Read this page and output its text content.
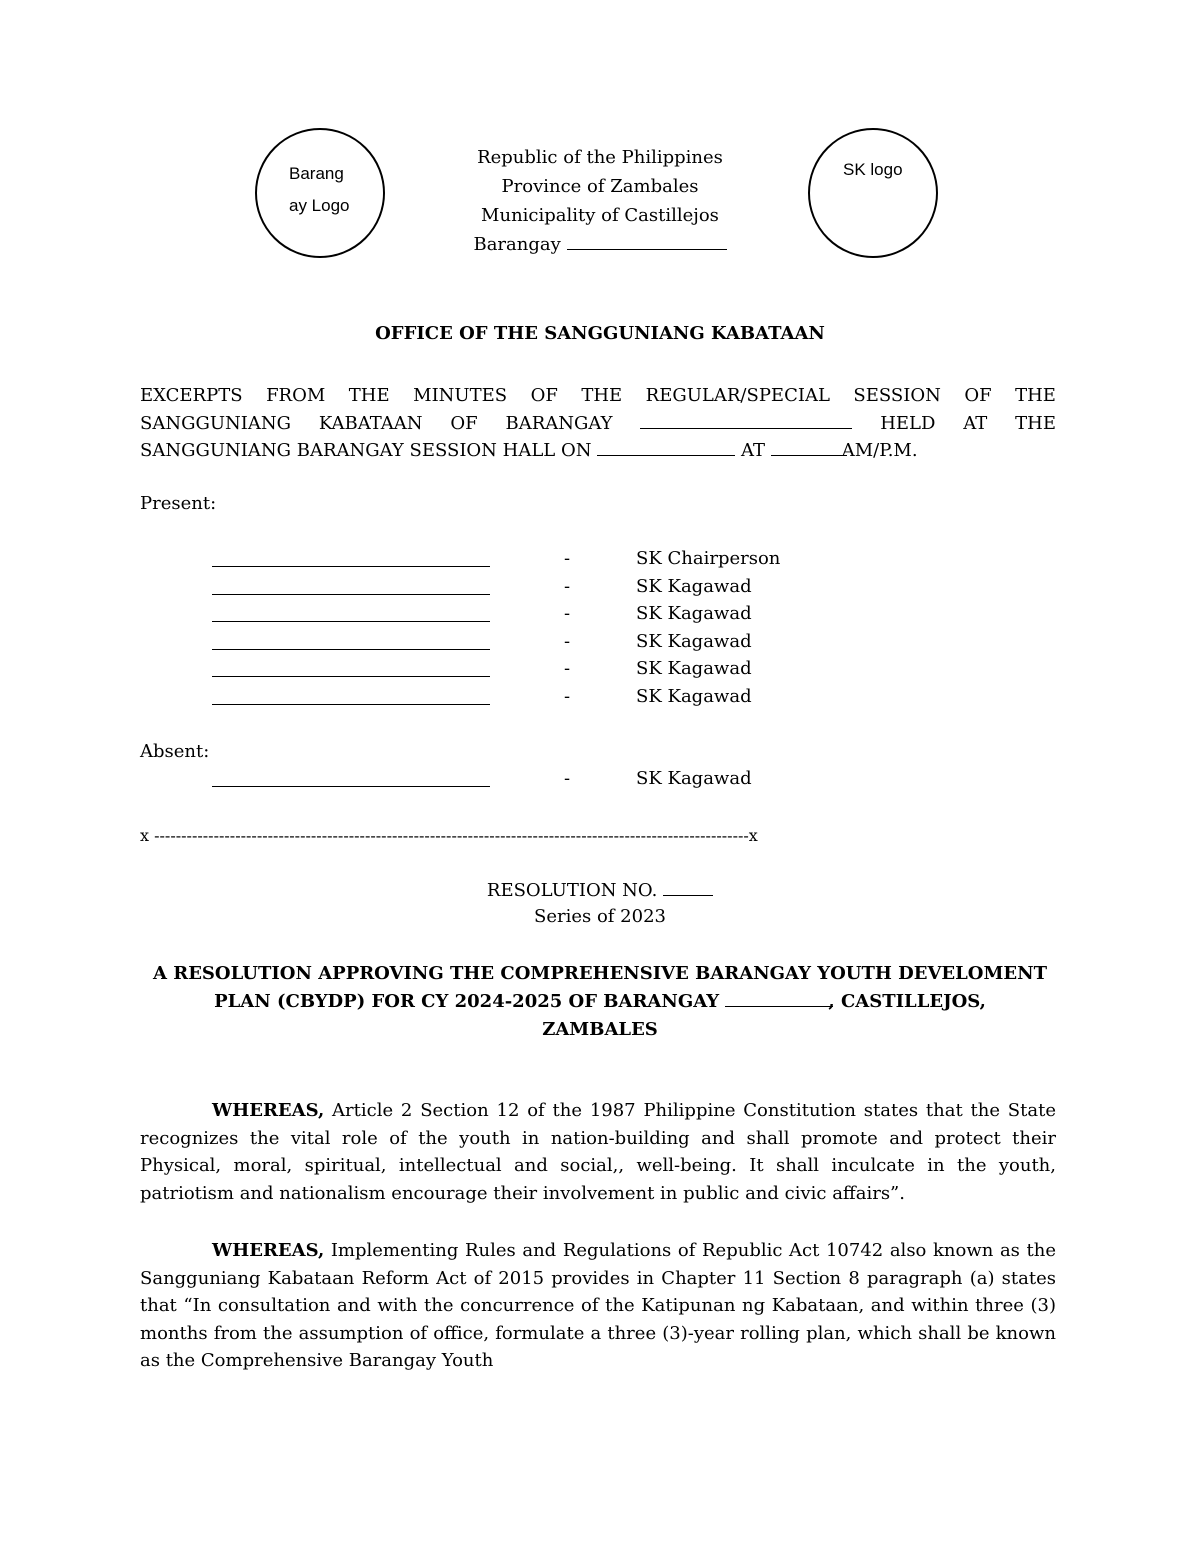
Barangay Logo
SK logo
Republic of the Philippines
Province of Zambales
Municipality of Castillejos
Barangay
OFFICE OF THE SANGGUNIANG KABATAAN
EXCERPTS FROM THE MINUTES OF THE REGULAR/SPECIAL SESSION OF THE
SANGGUNIANG KABATAAN OF BARANGAY	HELD AT THE
SANGGUNIANG BARANGAY SESSION HALL ON	AT	AM/P.M.
Present:
-	SK Chairperson
-	SK Kagawad
-	SK Kagawad
-	SK Kagawad
-	SK Kagawad
-	SK Kagawad
Absent:
-	SK Kagawad
x --------------------------------------------------------------------------------------------------------------x
RESOLUTION NO.
Series of 2023
A RESOLUTION APPROVING THE COMPREHENSIVE BARANGAY YOUTH DEVELOMENT
PLAN (CBYDP) FOR CY 2024-2025 OF BARANGAY	, CASTILLEJOS,
ZAMBALES
WHEREAS, Article 2 Section 12 of the 1987 Philippine Constitution states that the State recognizes the vital role of the youth in nation-building and shall promote and protect their Physical, moral, spiritual, intellectual and social,, well-being. It shall inculcate in the youth, patriotism and nationalism encourage their involvement in public and civic affairs”.
WHEREAS, Implementing Rules and Regulations of Republic Act 10742 also known as the Sangguniang Kabataan Reform Act of 2015 provides in Chapter 11 Section 8 paragraph (a) states that “In consultation and with the concurrence of the Katipunan ng Kabataan, and within three (3) months from the assumption of office, formulate a three (3)-year rolling plan, which shall be known as the Comprehensive Barangay Youth
